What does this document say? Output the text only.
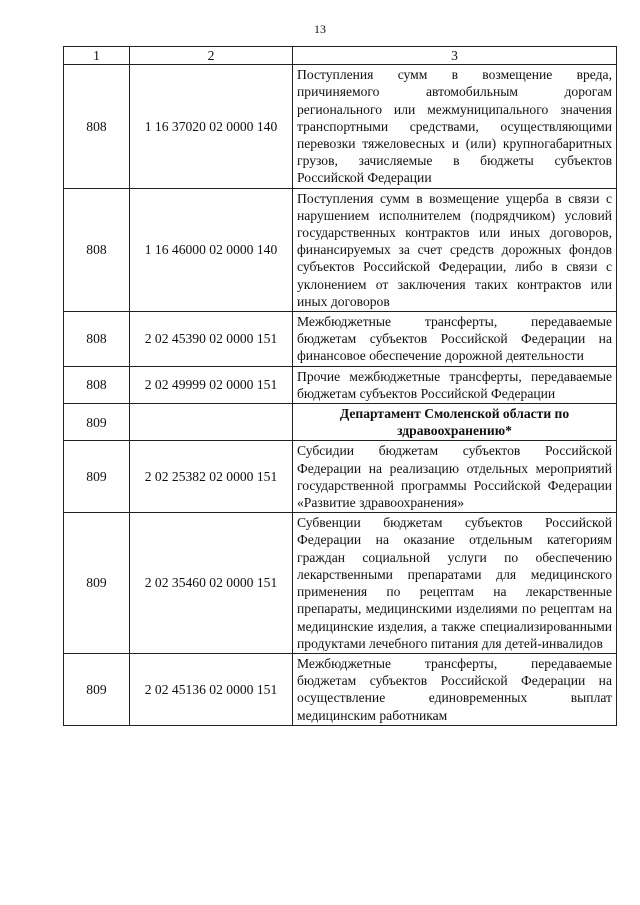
13
1	2	3
808	1 16 37020 02 0000 140	Поступления сумм в возмещение вреда, причиняемого автомобильным дорогам регионального или межмуниципального значения транспортными средствами, осуществляющими перевозки тяжеловесных и (или) крупногабаритных грузов, зачисляемые в бюджеты субъектов Российской Федерации
808	1 16 46000 02 0000 140	Поступления сумм в возмещение ущерба в связи с нарушением исполнителем (подрядчиком) условий государственных контрактов или иных договоров, финансируемых за счет средств дорожных фондов субъектов Российской Федерации, либо в связи с уклонением от заключения таких контрактов или иных договоров
808	2 02 45390 02 0000 151	Межбюджетные трансферты, передаваемые бюджетам субъектов Российской Федерации на финансовое обеспечение дорожной деятельности
808	2 02 49999 02 0000 151	Прочие межбюджетные трансферты, передаваемые бюджетам субъектов Российской Федерации
809		Департамент Смоленской области по здравоохранению*
809	2 02 25382 02 0000 151	Субсидии бюджетам субъектов Российской Федерации на реализацию отдельных мероприятий государственной программы Российской Федерации «Развитие здравоохранения»
809	2 02 35460 02 0000 151	Субвенции бюджетам субъектов Российской Федерации на оказание отдельным категориям граждан социальной услуги по обеспечению лекарственными препаратами для медицинского применения по рецептам на лекарственные препараты, медицинскими изделиями по рецептам на медицинские изделия, а также специализированными продуктами лечебного питания для детей-инвалидов
809	2 02 45136 02 0000 151	Межбюджетные трансферты, передаваемые бюджетам субъектов Российской Федерации на осуществление единовременных выплат медицинским работникам
